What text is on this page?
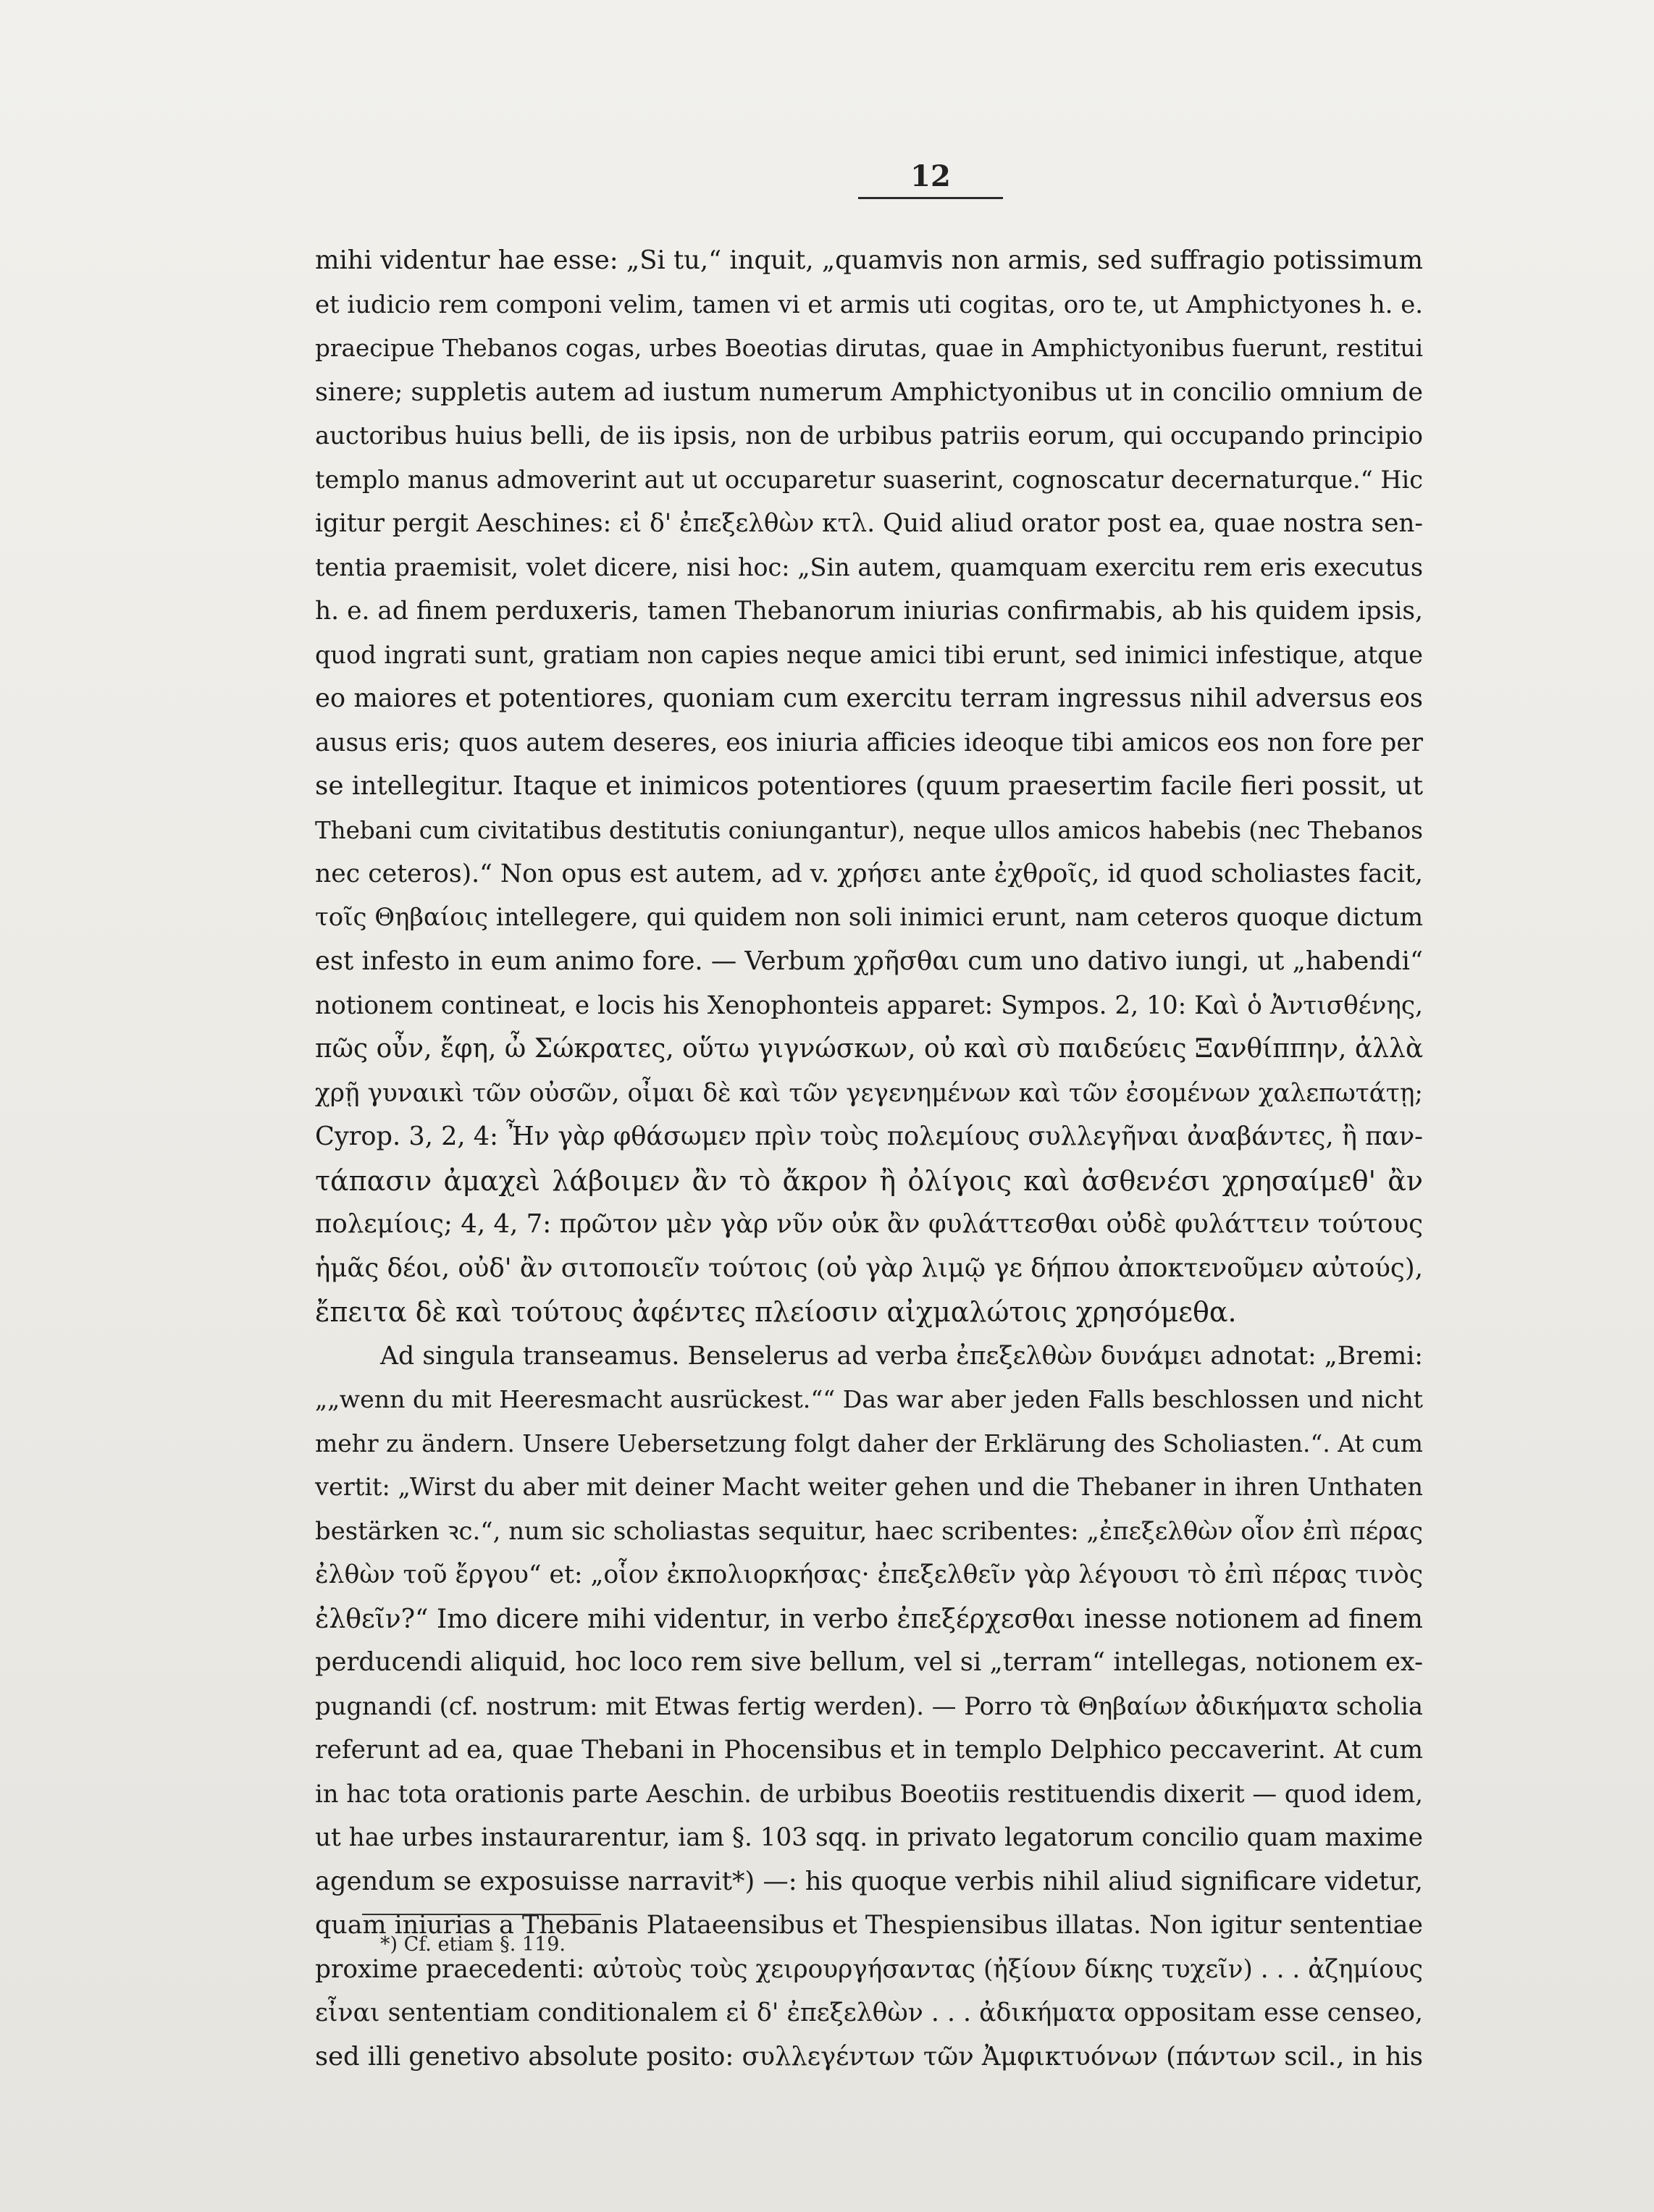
12
mihi videntur hae esse: „Si tu,“ inquit, „quamvis non armis, sed suffragio potissimum
et iudicio rem componi velim, tamen vi et armis uti cogitas, oro te, ut Amphictyones h. e.
praecipue Thebanos cogas, urbes Boeotias dirutas, quae in Amphictyonibus fuerunt, restitui
sinere; suppletis autem ad iustum numerum Amphictyonibus ut in concilio omnium de
auctoribus huius belli, de iis ipsis, non de urbibus patriis eorum, qui occupando principio
templo manus admoverint aut ut occuparetur suaserint, cognoscatur decernaturque.“ Hic
igitur pergit Aeschines: εἰ δ' ἐπεξελθὼν κτλ. Quid aliud orator post ea, quae nostra sen-
tentia praemisit, volet dicere, nisi hoc: „Sin autem, quamquam exercitu rem eris executus
h. e. ad finem perduxeris, tamen Thebanorum iniurias confirmabis, ab his quidem ipsis,
quod ingrati sunt, gratiam non capies neque amici tibi erunt, sed inimici infestique, atque
eo maiores et potentiores, quoniam cum exercitu terram ingressus nihil adversus eos
ausus eris; quos autem deseres, eos iniuria afficies ideoque tibi amicos eos non fore per
se intellegitur. Itaque et inimicos potentiores (quum praesertim facile fieri possit, ut
Thebani cum civitatibus destitutis coniungantur), neque ullos amicos habebis (nec Thebanos
nec ceteros).“ Non opus est autem, ad v. χρήσει ante ἐχθροῖς, id quod scholiastes facit,
τοῖς Θηβαίοις intellegere, qui quidem non soli inimici erunt, nam ceteros quoque dictum
est infesto in eum animo fore. — Verbum χρῆσθαι cum uno dativo iungi, ut „habendi“
notionem contineat, e locis his Xenophonteis apparet: Sympos. 2, 10: Καὶ ὁ Ἀντισθένης,
πῶς οὖν, ἔφη, ὦ Σώκρατες, οὕτω γιγνώσκων, οὐ καὶ σὺ παιδεύεις Ξανθίππην, ἀλλὰ
χρῇ γυναικὶ τῶν οὐσῶν, οἶμαι δὲ καὶ τῶν γεγενημένων καὶ τῶν ἐσομένων χαλεπωτάτῃ;
Cyrop. 3, 2, 4: Ἦν γὰρ φθάσωμεν πρὶν τοὺς πολεμίους συλλεγῆναι ἀναβάντες, ἢ παν-
τάπασιν ἀμαχεὶ λάβοιμεν ἂν τὸ ἄκρον ἢ ὀλίγοις καὶ ἀσθενέσι χρησαίμεθ' ἂν
πολεμίοις; 4, 4, 7: πρῶτον μὲν γὰρ νῦν οὐκ ἂν φυλάττεσθαι οὐδὲ φυλάττειν τούτους
ἡμᾶς δέοι, οὐδ' ἂν σιτοποιεῖν τούτοις (οὐ γὰρ λιμῷ γε δήπου ἀποκτενοῦμεν αὐτούς),
ἔπειτα δὲ καὶ τούτους ἀφέντες πλείοσιν αἰχμαλώτοις χρησόμεθα.
Ad singula transeamus. Benselerus ad verba ἐπεξελθὼν δυνάμει adnotat: „Bremi:
„„wenn du mit Heeresmacht ausrückest.““ Das war aber jeden Falls beschlossen und nicht
mehr zu ändern. Unsere Uebersetzung folgt daher der Erklärung des Scholiasten.“. At cum
vertit: „Wirst du aber mit deiner Macht weiter gehen und die Thebaner in ihren Unthaten
bestärken ꝛc.“, num sic scholiastas sequitur, haec scribentes: „ἐπεξελθὼν οἷον ἐπὶ πέρας
ἐλθὼν τοῦ ἔργου“ et: „οἷον ἐκπολιορκήσας· ἐπεξελθεῖν γὰρ λέγουσι τὸ ἐπὶ πέρας τινὸς
ἐλθεῖν?“ Imo dicere mihi videntur, in verbo ἐπεξέρχεσθαι inesse notionem ad finem
perducendi aliquid, hoc loco rem sive bellum, vel si „terram“ intellegas, notionem ex-
pugnandi (cf. nostrum: mit Etwas fertig werden). — Porro τὰ Θηβαίων ἀδικήματα scholia
referunt ad ea, quae Thebani in Phocensibus et in templo Delphico peccaverint. At cum
in hac tota orationis parte Aeschin. de urbibus Boeotiis restituendis dixerit — quod idem,
ut hae urbes instaurarentur, iam §. 103 sqq. in privato legatorum concilio quam maxime
agendum se exposuisse narravit*) —: his quoque verbis nihil aliud significare videtur,
quam iniurias a Thebanis Plataeensibus et Thespiensibus illatas. Non igitur sententiae
proxime praecedenti: αὐτοὺς τοὺς χειρουργήσαντας (ἠξίουν δίκης τυχεῖν) . . . ἀζημίους
εἶναι sententiam conditionalem εἰ δ' ἐπεξελθὼν . . . ἀδικήματα oppositam esse censeo,
sed illi genetivo absolute posito: συλλεγέντων τῶν Ἀμφικτυόνων (πάντων scil., in his
*) Cf. etiam §. 119.
